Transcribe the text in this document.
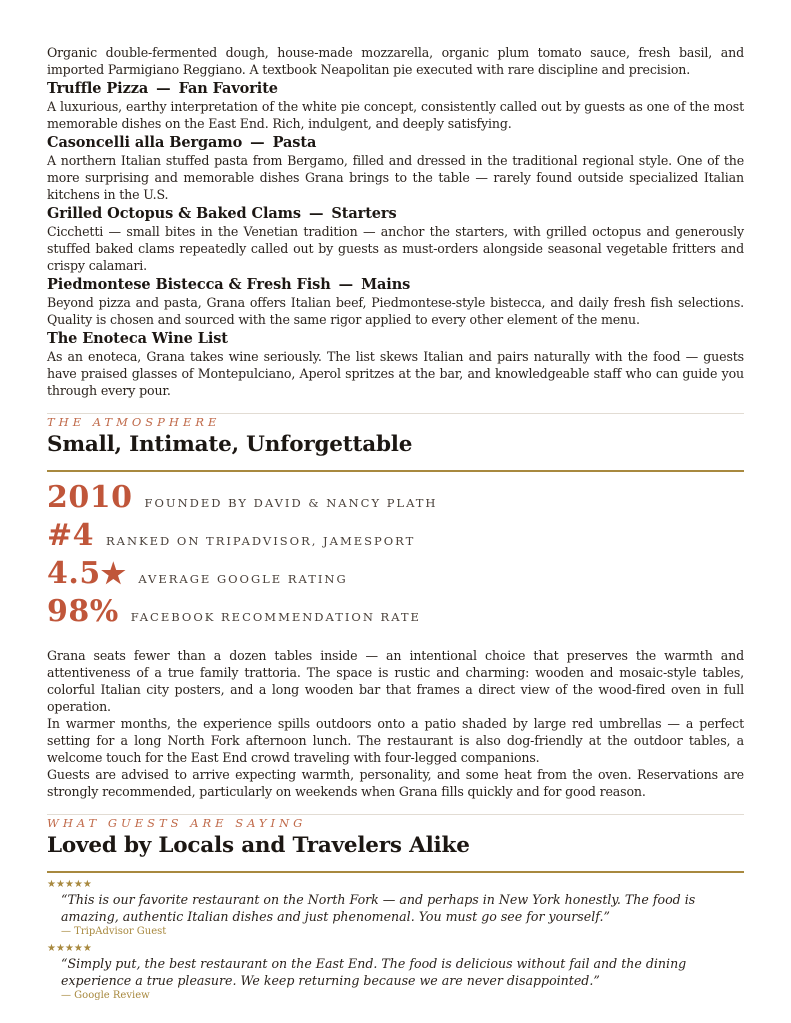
Organic double-fermented dough, house-made mozzarella, organic plum tomato sauce, fresh basil, and imported Parmigiano Reggiano. A textbook Neapolitan pie executed with rare discipline and precision.

Truffle Pizza — Fan Favorite

A luxurious, earthy interpretation of the white pie concept, consistently called out by guests as one of the most memorable dishes on the East End. Rich, indulgent, and deeply satisfying.

Casoncelli alla Bergamo — Pasta

A northern Italian stuffed pasta from Bergamo, filled and dressed in the traditional regional style. One of the more surprising and memorable dishes Grana brings to the table — rarely found outside specialized Italian kitchens in the U.S.

Grilled Octopus & Baked Clams — Starters

Cicchetti — small bites in the Venetian tradition — anchor the starters, with grilled octopus and generously stuffed baked clams repeatedly called out by guests as must-orders alongside seasonal vegetable fritters and crispy calamari.

Piedmontese Bistecca & Fresh Fish — Mains

Beyond pizza and pasta, Grana offers Italian beef, Piedmontese-style bistecca, and daily fresh fish selections. Quality is chosen and sourced with the same rigor applied to every other element of the menu.

The Enoteca Wine List

As an enoteca, Grana takes wine seriously. The list skews Italian and pairs naturally with the food — guests have praised glasses of Montepulciano, Aperol spritzes at the bar, and knowledgeable staff who can guide you through every pour.

THE ATMOSPHERE
Small, Intimate, Unforgettable
2010 FOUNDED BY DAVID & NANCY PLATH
#4 RANKED ON TRIPADVISOR, JAMESPORT
4.5★ AVERAGE GOOGLE RATING
98% FACEBOOK RECOMMENDATION RATE

Grana seats fewer than a dozen tables inside — an intentional choice that preserves the warmth and attentiveness of a true family trattoria. The space is rustic and charming: wooden and mosaic-style tables, colorful Italian city posters, and a long wooden bar that frames a direct view of the wood-fired oven in full operation.

In warmer months, the experience spills outdoors onto a patio shaded by large red umbrellas — a perfect setting for a long North Fork afternoon lunch. The restaurant is also dog-friendly at the outdoor tables, a welcome touch for the East End crowd traveling with four-legged companions.

Guests are advised to arrive expecting warmth, personality, and some heat from the oven. Reservations are strongly recommended, particularly on weekends when Grana fills quickly and for good reason.

WHAT GUESTS ARE SAYING
Loved by Locals and Travelers Alike
★★★★★

“This is our favorite restaurant on the North Fork — and perhaps in New York honestly. The food is amazing, authentic Italian dishes and just phenomenal. You must go see for yourself.”

— TripAdvisor Guest
★★★★★

“Simply put, the best restaurant on the East End. The food is delicious without fail and the dining experience a true pleasure. We keep returning because we are never disappointed.”

— Google Review
